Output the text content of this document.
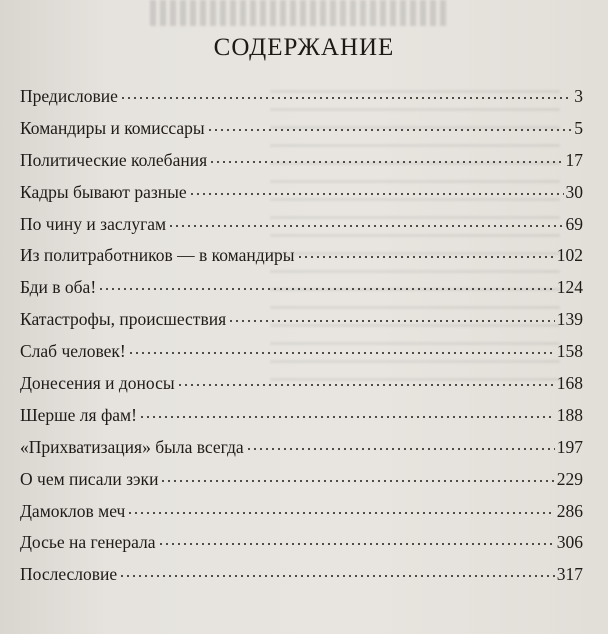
СОДЕРЖАНИЕ
Предисловие	3
Командиры и комиссары	5
Политические колебания	17
Кадры бывают разные	30
По чину и заслугам	69
Из политработников — в командиры	102
Бди в оба!	124
Катастрофы, происшествия	139
Слаб человек!	158
Донесения и доносы	168
Шерше ля фам!	188
«Прихватизация» была всегда	197
О чем писали зэки	229
Дамоклов меч	286
Досье на генерала	306
Послесловие	317
